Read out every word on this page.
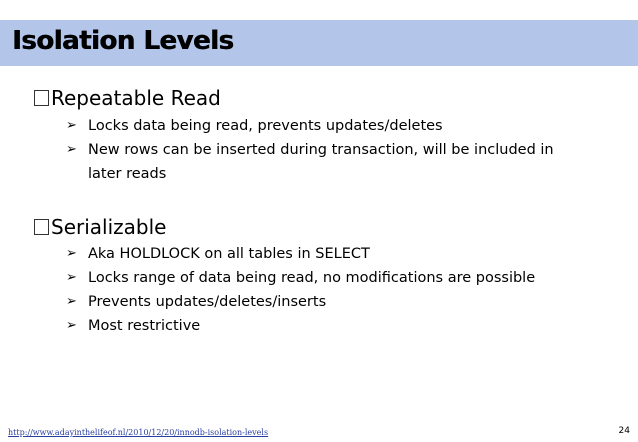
Isolation Levels
Repeatable Read
➢ Locks data being read, prevents updates/deletes
➢ New rows can be inserted during transaction, will be included in later reads
Serializable
➢ Aka HOLDLOCK on all tables in SELECT
➢ Locks range of data being read, no modifications are possible
➢ Prevents updates/deletes/inserts
➢ Most restrictive
http://www.adayinthelifeof.nl/2010/12/20/innodb-isolation-levels	24
